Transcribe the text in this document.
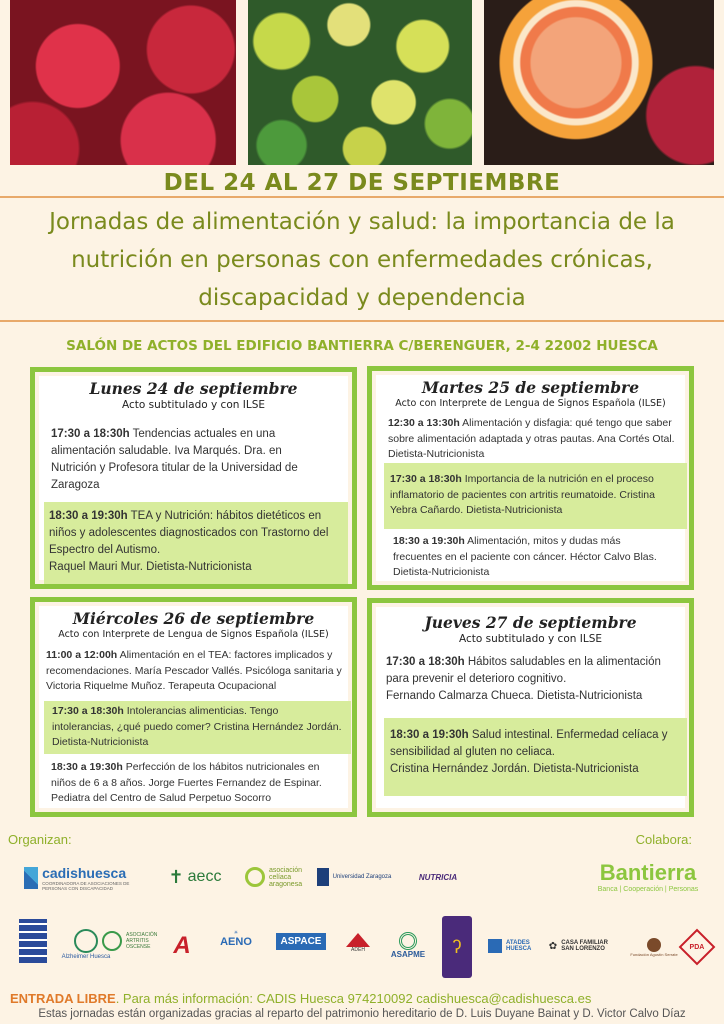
DEL 24 AL 27 DE SEPTIEMBRE
Jornadas de alimentación y salud: la importancia de la
nutrición en personas con enfermedades crónicas,
discapacidad y dependencia
SALÓN DE ACTOS DEL EDIFICIO BANTIERRA C/BERENGUER, 2-4 22002 HUESCA
Lunes 24 de septiembre
Acto subtitulado y con ILSE
17:30 a 18:30h Tendencias actuales en una alimentación saludable. Iva Marqués. Dra. en Nutrición y Profesora titular de la Universidad de Zaragoza
18:30 a 19:30h TEA y Nutrición: hábitos dietéticos en niños y adolescentes diagnosticados con Trastorno del Espectro del Autismo.
Raquel Mauri Mur. Dietista-Nutricionista
Martes 25 de septiembre
Acto con Interprete de Lengua de Signos Española (ILSE)
12:30 a 13:30h Alimentación y disfagia: qué tengo que saber sobre alimentación adaptada y otras pautas. Ana Cortés Otal. Dietista-Nutricionista
17:30 a 18:30h Importancia de la nutrición en el proceso inflamatorio de pacientes con artritis reumatoide. Cristina Yebra Cañardo. Dietista-Nutricionista
18:30 a 19:30h Alimentación, mitos y dudas más frecuentes en el paciente con cáncer. Héctor Calvo Blas. Dietista-Nutricionista
Miércoles 26 de septiembre
Acto con Interprete de Lengua de Signos Española (ILSE)
11:00 a 12:00h Alimentación en el TEA: factores implicados y recomendaciones. María Pescador Vallés. Psicóloga sanitaria y Victoria Riquelme Muñoz. Terapeuta Ocupacional
17:30 a 18:30h Intolerancias alimenticias. Tengo intolerancias, ¿qué puedo comer? Cristina Hernández Jordán. Dietista-Nutricionista
18:30 a 19:30h Perfección de los hábitos nutricionales en niños de 6 a 8 años. Jorge Fuertes Fernandez de Espinar. Pediatra del Centro de Salud Perpetuo Socorro
Jueves 27 de septiembre
Acto subtitulado y con ILSE
17:30 a 18:30h Hábitos saludables en la alimentación para prevenir el deterioro cognitivo.
Fernando Calmarza Chueca. Dietista-Nutricionista
18:30 a 19:30h Salud intestinal. Enfermedad celíaca y sensibilidad al gluten no celiaca.
Cristina Hernández Jordán. Dietista-Nutricionista
Organizan:	Colabora:
cadishuesca
COORDINADORA DE ASOCIACIONES DE PERSONAS CON DISCAPACIDAD
✝ aecc	asociación celíaca aragonesa
Universidad Zaragoza	NUTRICIA	Bantierra
Banca | Cooperación | Personas
Alzheimer Huesca
ASOCIACIÓN ARTRITIS OSCENSE A	☀
AENO	ASPACE
ADEH	ASAPME	ʔ	ATADES HUESCA	✿ CASA FAMILIAR SAN LORENZO
Fundación Agustín Serrate
PDA
ENTRADA LIBRE. Para más información: CADIS Huesca 974210092 cadishuesca@cadishuesca.es
Estas jornadas están organizadas gracias al reparto del patrimonio hereditario de D. Luis Duyane Bainat y D. Victor Calvo Díaz
